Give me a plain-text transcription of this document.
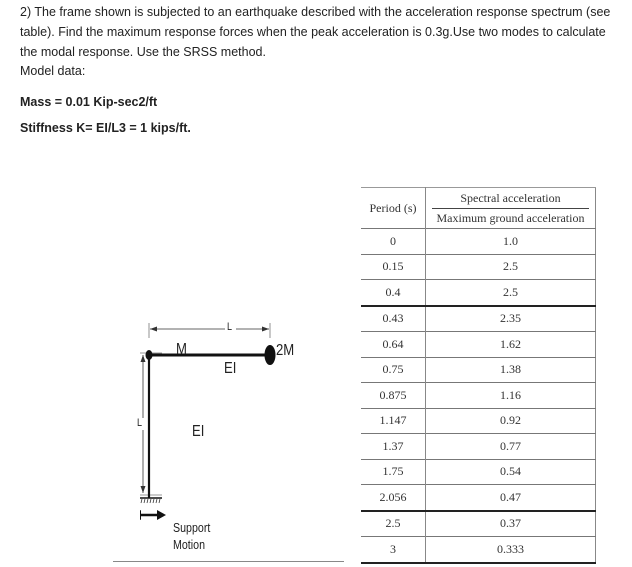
2) The frame shown is subjected to an earthquake described with the acceleration response spectrum (see table). Find the maximum response forces when the peak acceleration is 0.3g.Use two modes to calculate the modal response. Use the SRSS method.
Model data:
Mass = 0.01 Kip-sec2/ft
Stiffness K= EI/L3 = 1 kips/ft.
Period (s)	Spectral acceleration
Maximum ground acceleration

0	1.0
0.15	2.5
0.4	2.5
0.43	2.35
0.64	1.62
0.75	1.38
0.875	1.16
1.147	0.92
1.37	0.77
1.75	0.54
2.056	0.47
2.5	0.37
3	0.333
L
M	2M
EI
L	EI
Support
Motion
